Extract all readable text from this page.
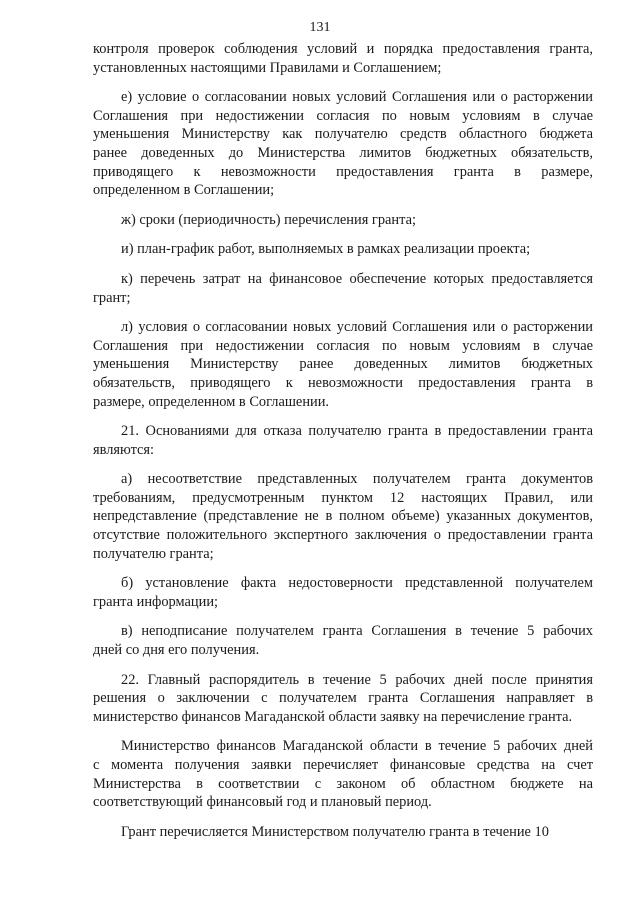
131

контроля проверок соблюдения условий и порядка предоставления гранта,
установленных настоящими Правилами и Соглашением;

е) условие о согласовании новых условий Соглашения или о расторжении
Соглашения при недостижении согласия по новым условиям в случае
уменьшения Министерству как получателю средств областного бюджета
ранее доведенных до Министерства лимитов бюджетных обязательств,
приводящего к невозможности предоставления гранта в размере,
определенном в Соглашении;

ж) сроки (периодичность) перечисления гранта;

и) план-график работ, выполняемых в рамках реализации проекта;

к) перечень затрат на финансовое обеспечение которых предоставляется
грант;

л) условия о согласовании новых условий Соглашения или о расторжении
Соглашения при недостижении согласия по новым условиям в случае
уменьшения Министерству ранее доведенных лимитов бюджетных
обязательств, приводящего к невозможности предоставления гранта в
размере, определенном в Соглашении.

21. Основаниями для отказа получателю гранта в предоставлении гранта
являются:

а) несоответствие представленных получателем гранта документов
требованиям, предусмотренным пунктом 12 настоящих Правил, или
непредставление (представление не в полном объеме) указанных документов,
отсутствие положительного экспертного заключения о предоставлении гранта
получателю гранта;

б) установление факта недостоверности представленной получателем
гранта информации;

в) неподписание получателем гранта Соглашения в течение 5 рабочих
дней со дня его получения.

22. Главный распорядитель в течение 5 рабочих дней после принятия
решения о заключении с получателем гранта Соглашения направляет в
министерство финансов Магаданской области заявку на перечисление гранта.

Министерство финансов Магаданской области в течение 5 рабочих дней
с момента получения заявки перечисляет финансовые средства на счет
Министерства в соответствии с законом об областном бюджете на
соответствующий финансовый год и плановый период.

Грант перечисляется Министерством получателю гранта в течение 10
